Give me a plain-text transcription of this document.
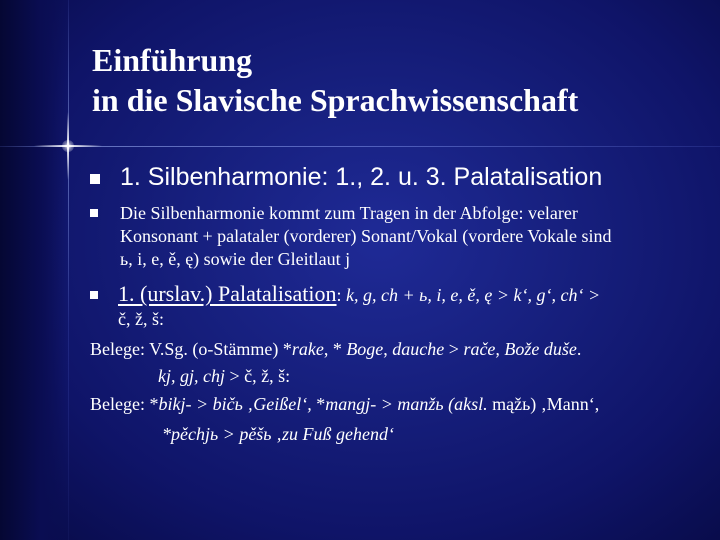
Einführung
in die Slavische Sprachwissenschaft
1. Silbenharmonie: 1., 2. u. 3. Palatalisation
Die Silbenharmonie kommt zum Tragen in der Abfolge: velarer
Konsonant + palataler (vorderer) Sonant/Vokal (vordere Vokale sind
ь, i, e, ě, ę) sowie der Gleitlaut j
1. (urslav.) Palatalisation: k, g, ch + ь, i, e, ě, ę > k‘, g‘, ch‘ >
č, ž, š:
Belege: V.Sg. (o-Stämme) *rake, * Boge, dauche > rače, Bože duše.
kj, gj, chj > č, ž, š:
Belege: *bikj- > bičь ‚Geißel‘, *mangj- > manžь (aksl. mąžь) ‚Mann‘,
*pěchjь > pěšь ‚zu Fuß gehend‘
